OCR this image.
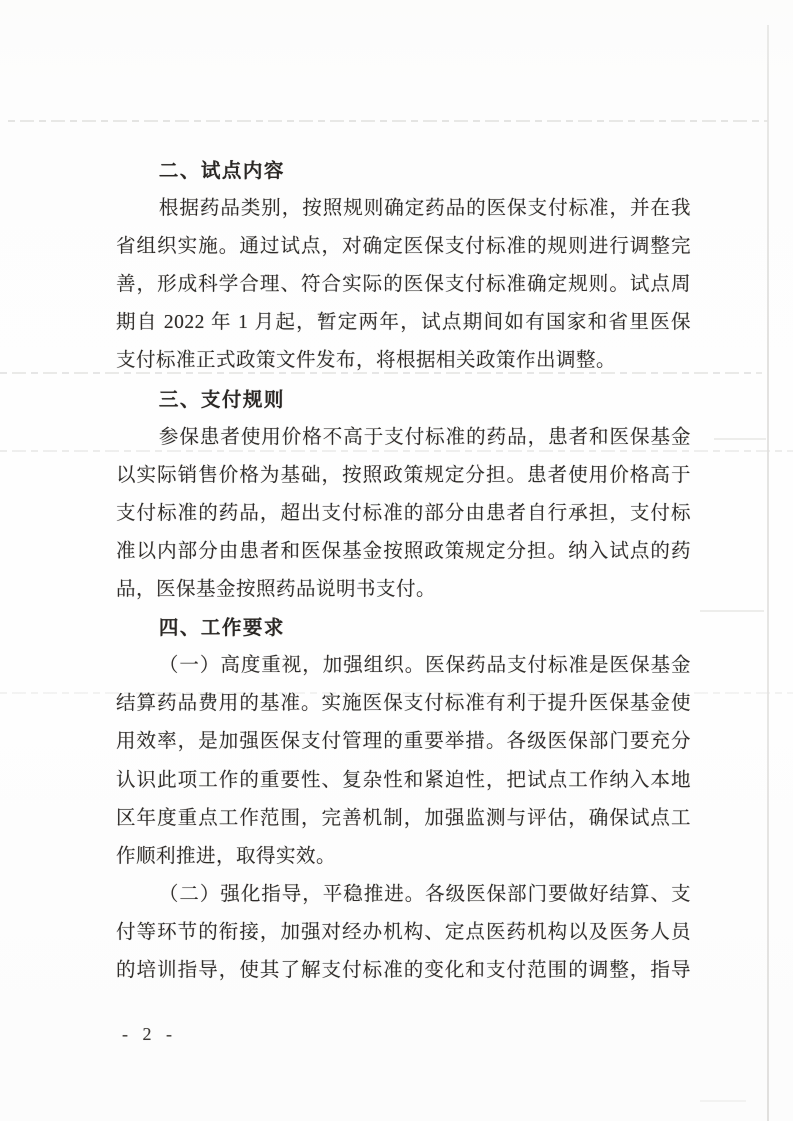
二、试点内容
根据药品类别，按照规则确定药品的医保支付标准，并在我
省组织实施。通过试点，对确定医保支付标准的规则进行调整完
善，形成科学合理、符合实际的医保支付标准确定规则。试点周
期自 2022 年 1 月起，暂定两年，试点期间如有国家和省里医保
支付标准正式政策文件发布，将根据相关政策作出调整。
三、支付规则
参保患者使用价格不高于支付标准的药品，患者和医保基金
以实际销售价格为基础，按照政策规定分担。患者使用价格高于
支付标准的药品，超出支付标准的部分由患者自行承担，支付标
准以内部分由患者和医保基金按照政策规定分担。纳入试点的药
品，医保基金按照药品说明书支付。
四、工作要求
（一）高度重视，加强组织。医保药品支付标准是医保基金
结算药品费用的基准。实施医保支付标准有利于提升医保基金使
用效率，是加强医保支付管理的重要举措。各级医保部门要充分
认识此项工作的重要性、复杂性和紧迫性，把试点工作纳入本地
区年度重点工作范围，完善机制，加强监测与评估，确保试点工
作顺利推进，取得实效。
（二）强化指导，平稳推进。各级医保部门要做好结算、支
付等环节的衔接，加强对经办机构、定点医药机构以及医务人员
的培训指导，使其了解支付标准的变化和支付范围的调整，指导
- 2 -
